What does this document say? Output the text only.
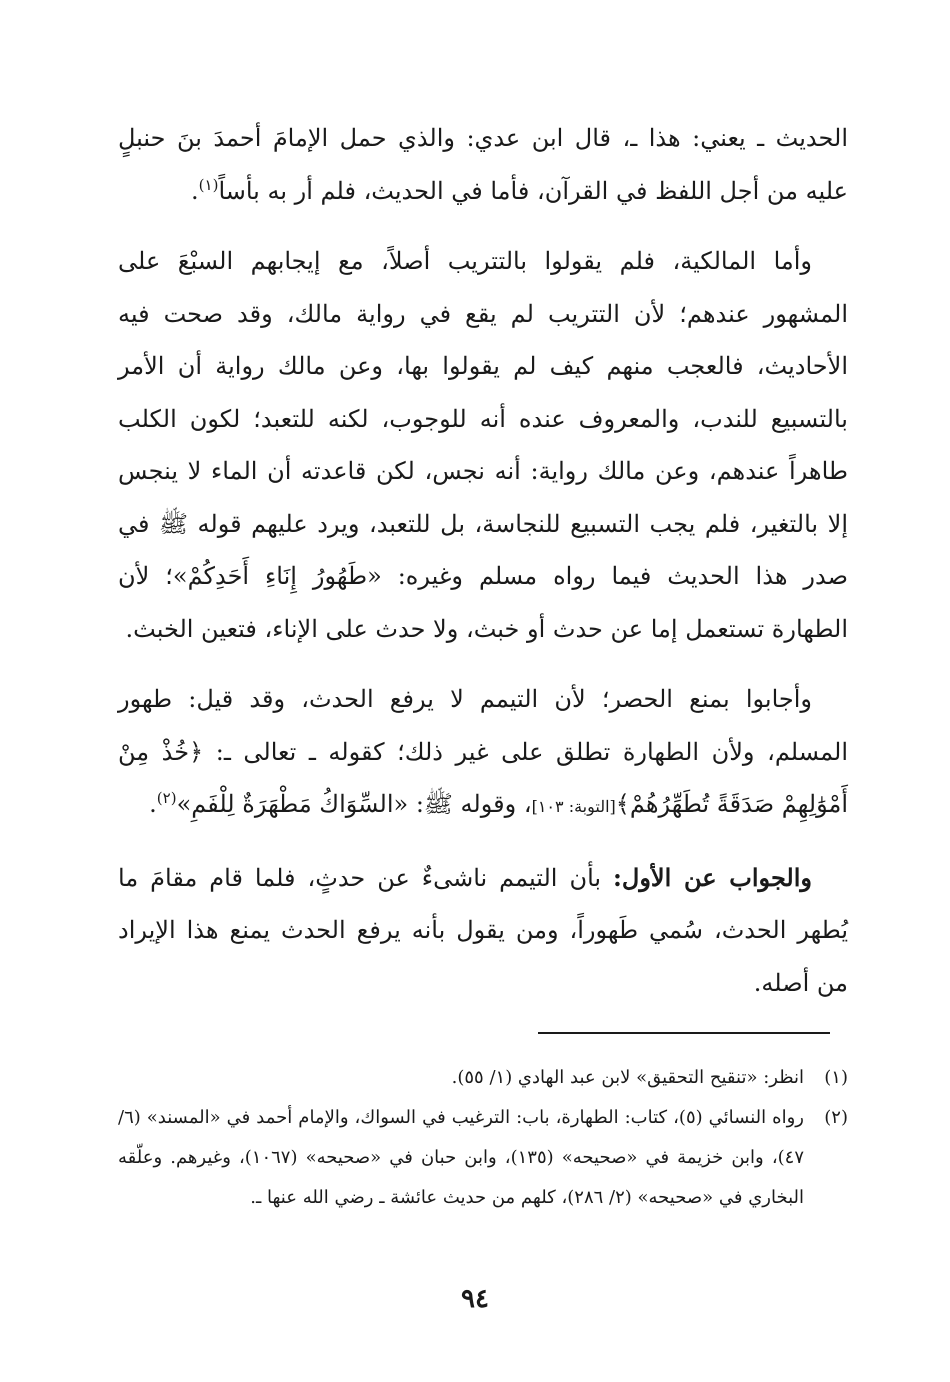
الحديث ـ يعني: هذا ـ، قال ابن عدي: والذي حمل الإمامَ أحمدَ بنَ حنبلٍ عليه من أجل اللفظ في القرآن، فأما في الحديث، فلم أر به بأساً$^{(١)}$.

وأما المالكية، فلم يقولوا بالتتريب أصلاً، مع إيجابهم السبْعَ على المشهور عندهم؛ لأن التتريب لم يقع في رواية مالك، وقد صحت فيه الأحاديث، فالعجب منهم كيف لم يقولوا بها، وعن مالك رواية أن الأمر بالتسبيع للندب، والمعروف عنده أنه للوجوب، لكنه للتعبد؛ لكون الكلب طاهراً عندهم، وعن مالك رواية: أنه نجس، لكن قاعدته أن الماء لا ينجس إلا بالتغير، فلم يجب التسبيع للنجاسة، بل للتعبد، ويرد عليهم قوله ﷺ في صدر هذا الحديث فيما رواه مسلم وغيره: «طَهُورُ إِنَاءِ أَحَدِكُمْ»؛ لأن الطهارة تستعمل إما عن حدث أو خبث، ولا حدث على الإناء، فتعين الخبث.

وأجابوا بمنع الحصر؛ لأن التيمم لا يرفع الحدث، وقد قيل: طهور المسلم، ولأن الطهارة تطلق على غير ذلك؛ كقوله ـ تعالى ـ: ﴿خُذْ مِنْ أَمْوَٰلِهِمْ صَدَقَةً تُطَهِّرُهُمْ﴾[التوبة: ١٠٣]، وقوله ﷺ: «السِّوَاكُ مَطْهَرَةٌ لِلْفَمِ»$^{(٢)}$.

والجواب عن الأول: بأن التيمم ناشىءٌ عن حدثٍ، فلما قام مقامَ ما يُطهر الحدث، سُمي طَهوراً، ومن يقول بأنه يرفع الحدث يمنع هذا الإيراد من أصله.

(١)
انظر: «تنقيح التحقيق» لابن عبد الهادي (١/ ٥٥).
(٢)
رواه النسائي (٥)، كتاب: الطهارة، باب: الترغيب في السواك، والإمام أحمد في «المسند» (٦/ ٤٧)، وابن خزيمة في «صحيحه» (١٣٥)، وابن حبان في «صحيحه» (١٠٦٧)، وغيرهم. وعلّقه البخاري في «صحيحه» (٢/ ٢٨٦)، كلهم من حديث عائشة ـ رضي الله عنها ـ.
٩٤
